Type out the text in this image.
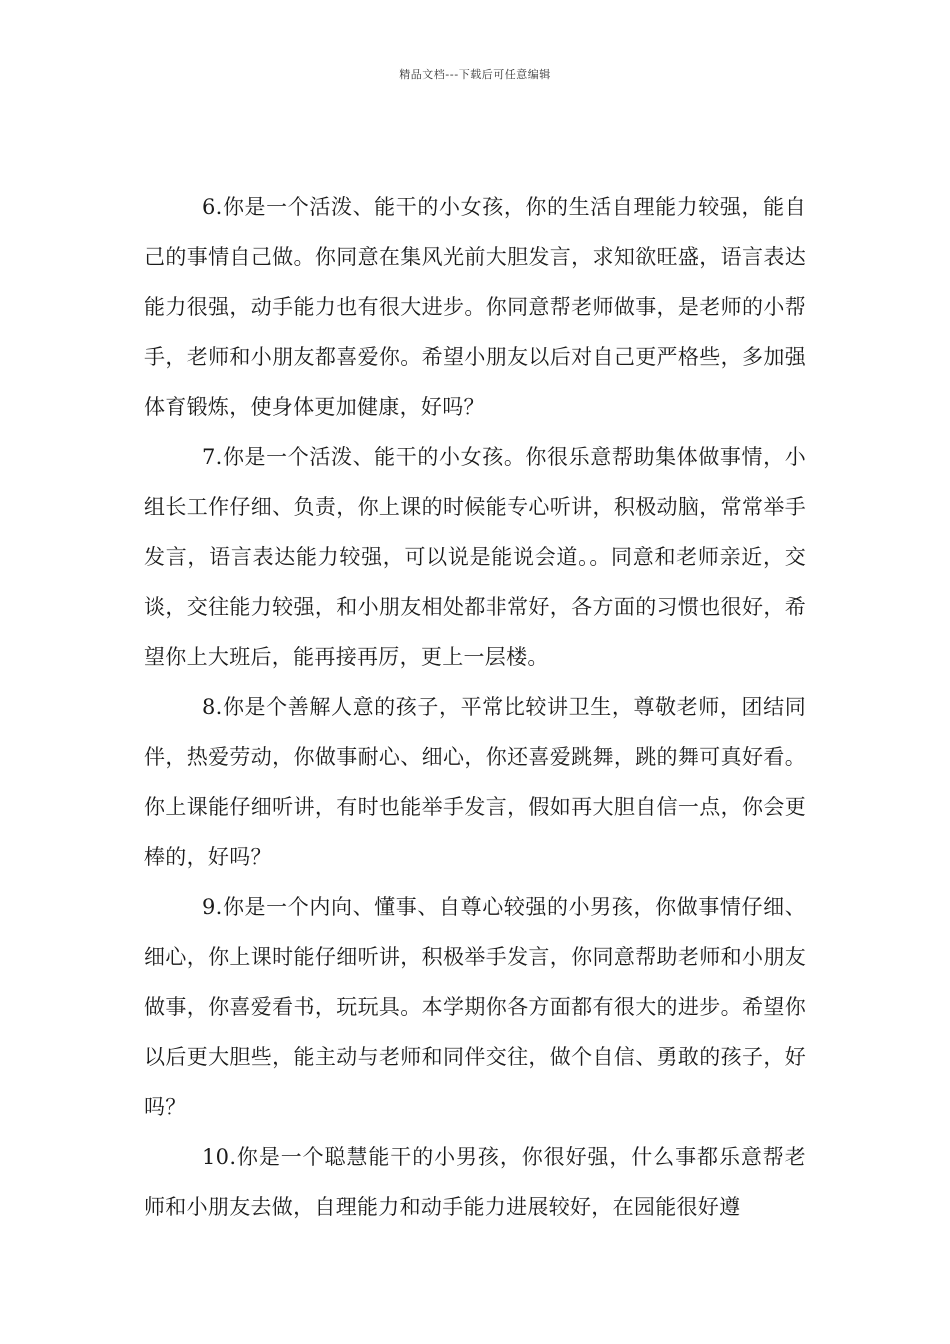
精品文档---下载后可任意编辑

6.你是一个活泼、能干的小女孩，你的生活自理能力较强，能自己的事情自己做。你同意在集风光前大胆发言，求知欲旺盛，语言表达能力很强，动手能力也有很大进步。你同意帮老师做事，是老师的小帮手，老师和小朋友都喜爱你。希望小朋友以后对自己更严格些，多加强体育锻炼，使身体更加健康，好吗？

7.你是一个活泼、能干的小女孩。你很乐意帮助集体做事情，小组长工作仔细、负责，你上课的时候能专心听讲，积极动脑，常常举手发言，语言表达能力较强，可以说是能说会道。。同意和老师亲近，交谈，交往能力较强，和小朋友相处都非常好，各方面的习惯也很好，希望你上大班后，能再接再厉，更上一层楼。

8.你是个善解人意的孩子，平常比较讲卫生，尊敬老师，团结同伴，热爱劳动，你做事耐心、细心，你还喜爱跳舞，跳的舞可真好看。你上课能仔细听讲，有时也能举手发言，假如再大胆自信一点，你会更棒的，好吗？

9.你是一个内向、懂事、自尊心较强的小男孩，你做事情仔细、细心，你上课时能仔细听讲，积极举手发言，你同意帮助老师和小朋友做事，你喜爱看书，玩玩具。本学期你各方面都有很大的进步。希望你以后更大胆些，能主动与老师和同伴交往，做个自信、勇敢的孩子，好吗？

10.你是一个聪慧能干的小男孩，你很好强，什么事都乐意帮老师和小朋友去做，自理能力和动手能力进展较好，在园能很好遵
